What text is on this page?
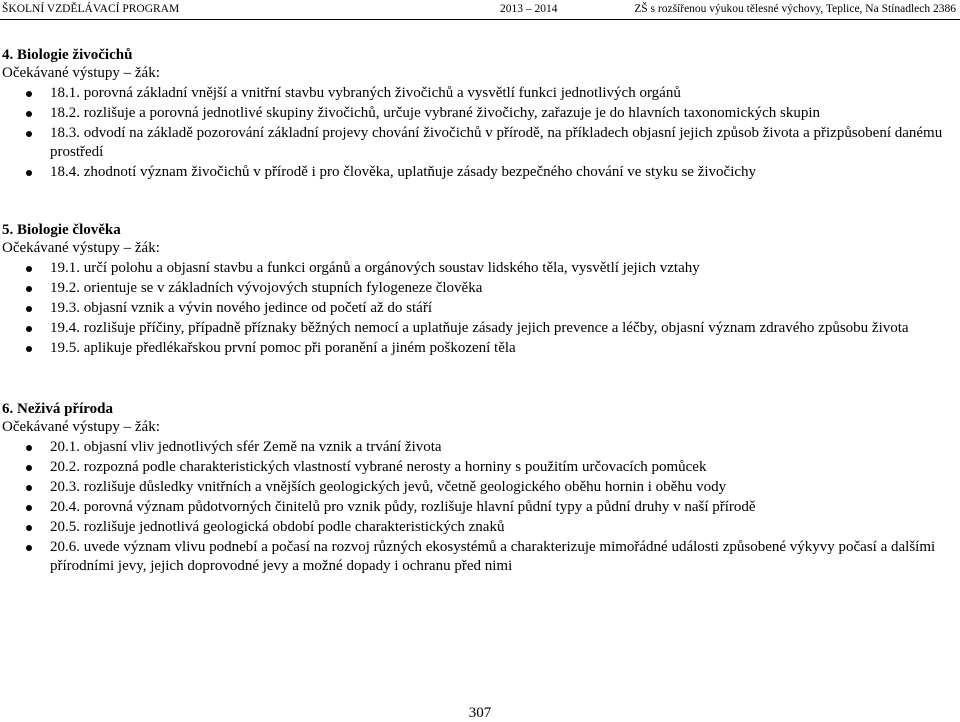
ŠKOLNÍ VZDĚLÁVACÍ PROGRAM	2013 – 2014	ZŠ s rozšířenou výukou tělesné výchovy, Teplice, Na Stínadlech 2386
4. Biologie živočichů
Očekávané výstupy – žák:
18.1. porovná základní vnější a vnitřní stavbu vybraných živočichů a vysvětlí funkci jednotlivých orgánů
18.2. rozlišuje a porovná jednotlivé skupiny živočichů, určuje vybrané živočichy, zařazuje je do hlavních taxonomických skupin
18.3. odvodí na základě pozorování základní projevy chování živočichů v přírodě, na příkladech objasní jejich způsob života a přizpůsobení danému prostředí
18.4. zhodnotí význam živočichů v přírodě i pro člověka, uplatňuje zásady bezpečného chování ve styku se živočichy
5. Biologie člověka
Očekávané výstupy – žák:
19.1. určí polohu a objasní stavbu a funkci orgánů a orgánových soustav lidského těla, vysvětlí jejich vztahy
19.2. orientuje se v základních vývojových stupních fylogeneze člověka
19.3. objasní vznik a vývin nového jedince od početí až do stáří
19.4. rozlišuje příčiny, případně příznaky běžných nemocí a uplatňuje zásady jejich prevence a léčby, objasní význam zdravého způsobu života
19.5. aplikuje předlékařskou první pomoc při poranění a jiném poškození těla
6. Neživá příroda
Očekávané výstupy – žák:
20.1. objasní vliv jednotlivých sfér Země na vznik a trvání života
20.2. rozpozná podle charakteristických vlastností vybrané nerosty a horniny s použitím určovacích pomůcek
20.3. rozlišuje důsledky vnitřních a vnějších geologických jevů, včetně geologického oběhu hornin i oběhu vody
20.4. porovná význam půdotvorných činitelů pro vznik půdy, rozlišuje hlavní půdní typy a půdní druhy v naší přírodě
20.5. rozlišuje jednotlivá geologická období podle charakteristických znaků
20.6. uvede význam vlivu podnebí a počasí na rozvoj různých ekosystémů a charakterizuje mimořádné události způsobené výkyvy počasí a dalšími přírodními jevy, jejich doprovodné jevy a možné dopady i ochranu před nimi
307
